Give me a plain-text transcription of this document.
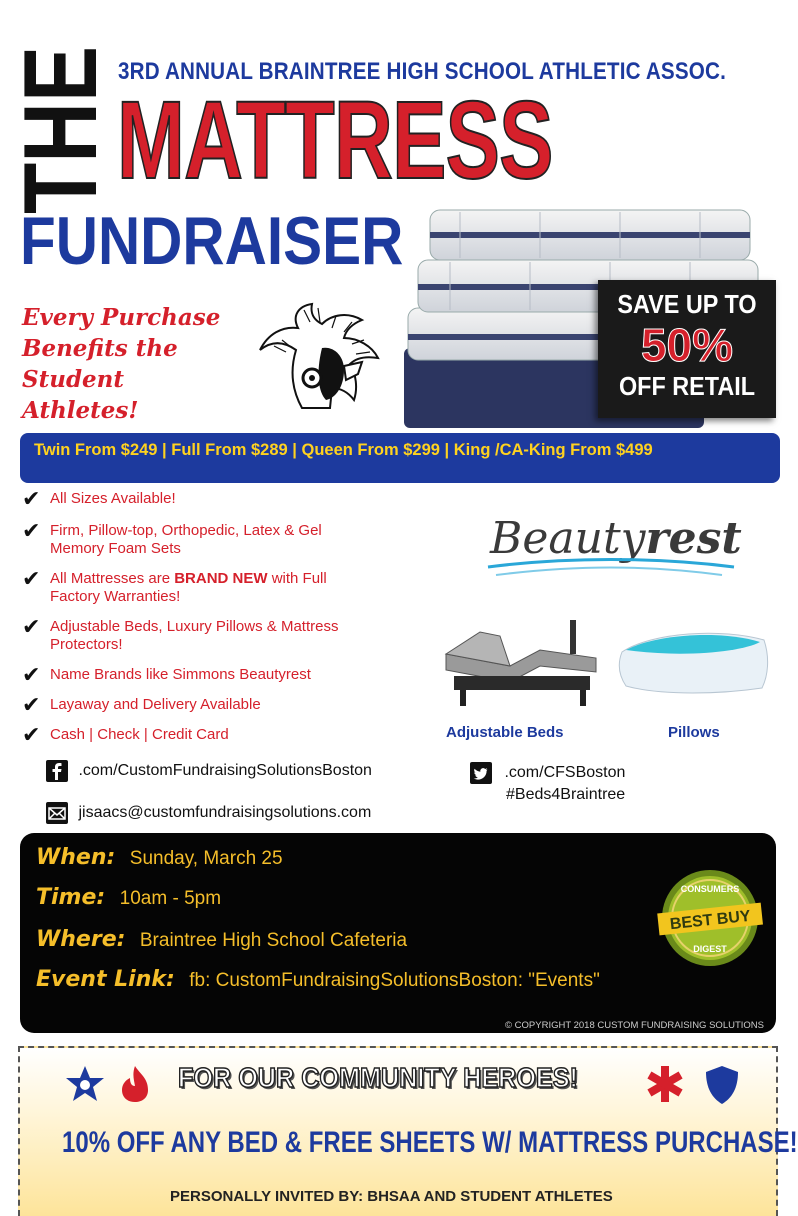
THE 3RD ANNUAL BRAINTREE HIGH SCHOOL ATHLETIC ASSOC.
MATTRESS
FUNDRAISER
Every Purchase
Benefits the
Student
Athletes!
SAVE UP TO
50%
OFF RETAIL
Twin From $249 | Full From $289 | Queen From $299 | King /CA-King From $499
✔ All Sizes Available!
✔ Firm, Pillow-top, Orthopedic, Latex & Gel Memory Foam Sets
✔ All Mattresses are BRAND NEW with Full Factory Warranties!
✔ Adjustable Beds, Luxury Pillows & Mattress Protectors!
✔ Name Brands like Simmons Beautyrest
✔ Layaway and Delivery Available
✔ Cash | Check | Credit Card
Beautyrest
Adjustable Beds	Pillows
.com/CustomFundraisingSolutionsBoston
jisaacs@customfundraisingsolutions.com
.com/CFSBoston
#Beds4Braintree
When: Sunday, March 25
Time: 10am - 5pm
Where: Braintree High School Cafeteria
Event Link: fb: CustomFundraisingSolutionsBoston: "Events"
© COPYRIGHT 2018 CUSTOM FUNDRAISING SOLUTIONS
CONSUMERS
BEST BUY
DIGEST
FOR OUR COMMUNITY HEROES!
10% OFF ANY BED & FREE SHEETS W/ MATTRESS PURCHASE!
PERSONALLY INVITED BY: BHSAA AND STUDENT ATHLETES
